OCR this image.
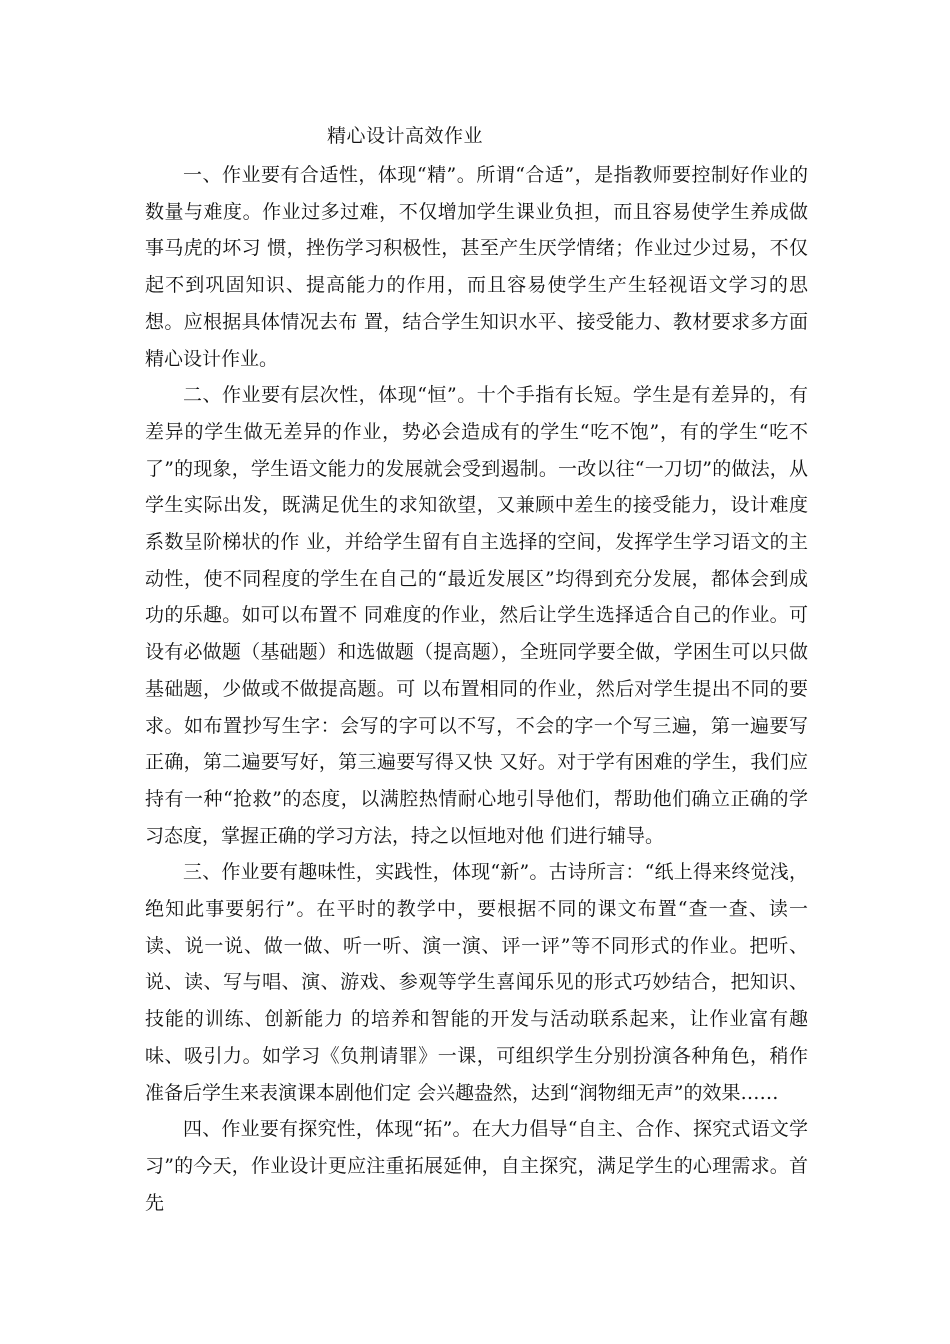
精心设计高效作业

一、作业要有合适性，体现“精”。所谓“合适”，是指教师要控制好作业的数量与难度。作业过多过难，不仅增加学生课业负担，而且容易使学生养成做事马虎的坏习 惯，挫伤学习积极性，甚至产生厌学情绪；作业过少过易，不仅起不到巩固知识、提高能力的作用，而且容易使学生产生轻视语文学习的思想。应根据具体情况去布 置，结合学生知识水平、接受能力、教材要求多方面精心设计作业。

二、作业要有层次性，体现“恒”。十个手指有长短。学生是有差异的，有差异的学生做无差异的作业，势必会造成有的学生“吃不饱”，有的学生“吃不了”的现象，学生语文能力的发展就会受到遏制。一改以往“一刀切”的做法，从学生实际出发，既满足优生的求知欲望，又兼顾中差生的接受能力，设计难度系数呈阶梯状的作 业，并给学生留有自主选择的空间，发挥学生学习语文的主动性，使不同程度的学生在自己的“最近发展区”均得到充分发展，都体会到成功的乐趣。如可以布置不 同难度的作业，然后让学生选择适合自己的作业。可设有必做题（基础题）和选做题（提高题），全班同学要全做，学困生可以只做基础题，少做或不做提高题。可 以布置相同的作业，然后对学生提出不同的要求。如布置抄写生字：会写的字可以不写，不会的字一个写三遍，第一遍要写正确，第二遍要写好，第三遍要写得又快 又好。对于学有困难的学生，我们应持有一种“抢救”的态度，以满腔热情耐心地引导他们，帮助他们确立正确的学习态度，掌握正确的学习方法，持之以恒地对他 们进行辅导。

三、作业要有趣味性，实践性，体现“新”。古诗所言：“纸上得来终觉浅，绝知此事要躬行”。在平时的教学中，要根据不同的课文布置“查一查、读一读、说一说、做一做、听一听、演一演、评一评”等不同形式的作业。把听、说、读、写与唱、演、游戏、参观等学生喜闻乐见的形式巧妙结合，把知识、技能的训练、创新能力 的培养和智能的开发与活动联系起来，让作业富有趣味、吸引力。如学习《负荆请罪》一课，可组织学生分别扮演各种角色，稍作准备后学生来表演课本剧他们定 会兴趣盎然，达到“润物细无声”的效果……

四、作业要有探究性，体现“拓”。在大力倡导“自主、合作、探究式语文学习”的今天，作业设计更应注重拓展延伸，自主探究，满足学生的心理需求。首先
